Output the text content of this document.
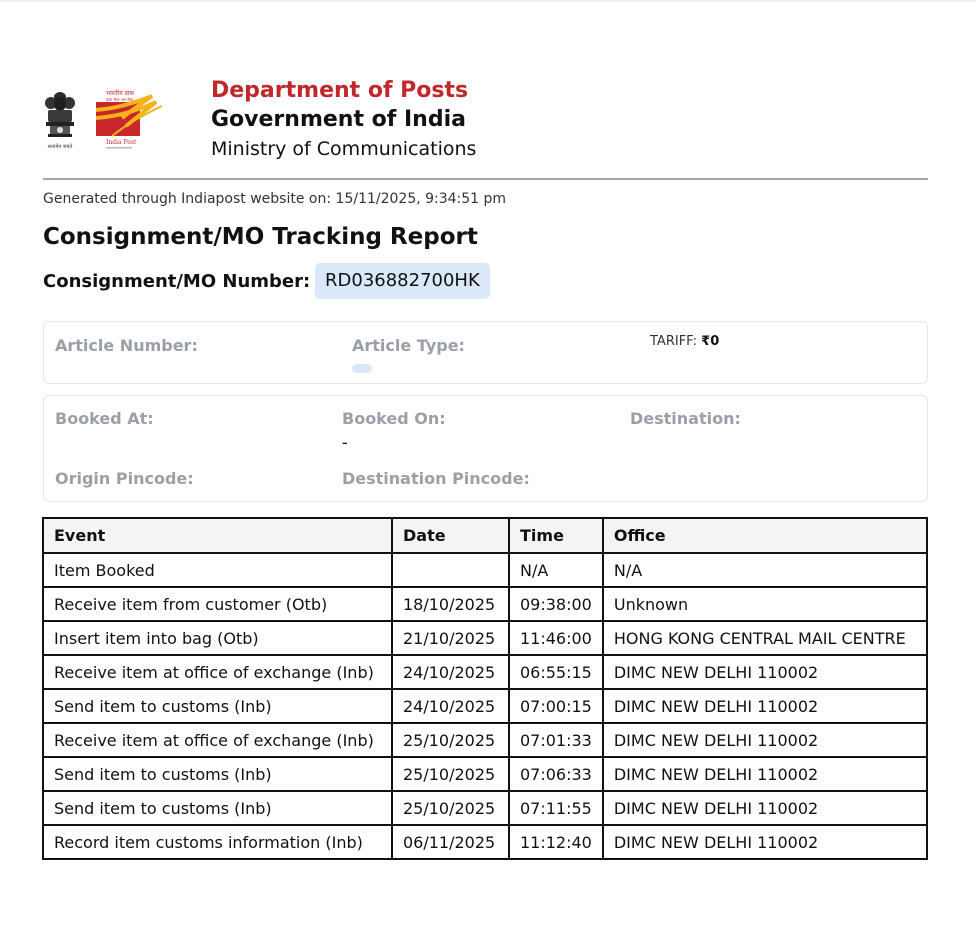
सत्यमेव जयते
भारतीय डाक
डाक सेवा जन सेवा
India Post
Department of Posts
Government of India
Ministry of Communications
Generated through Indiapost website on: 15/11/2025, 9:34:51 pm
Consignment/MO Tracking Report
Consignment/MO Number: RD036882700HK
Article Number:	Article Type:	TARIFF: ₹0
Booked At:	Booked On:
-
Destination:
Origin Pincode:	Destination Pincode:
Event	Date	Time	Office
Item Booked		N/A	N/A
Receive item from customer (Otb)	18/10/2025	09:38:00	Unknown
Insert item into bag (Otb)	21/10/2025	11:46:00	HONG KONG CENTRAL MAIL CENTRE
Receive item at office of exchange (Inb)	24/10/2025	06:55:15	DIMC NEW DELHI 110002
Send item to customs (Inb)	24/10/2025	07:00:15	DIMC NEW DELHI 110002
Receive item at office of exchange (Inb)	25/10/2025	07:01:33	DIMC NEW DELHI 110002
Send item to customs (Inb)	25/10/2025	07:06:33	DIMC NEW DELHI 110002
Send item to customs (Inb)	25/10/2025	07:11:55	DIMC NEW DELHI 110002
Record item customs information (Inb)	06/11/2025	11:12:40	DIMC NEW DELHI 110002
